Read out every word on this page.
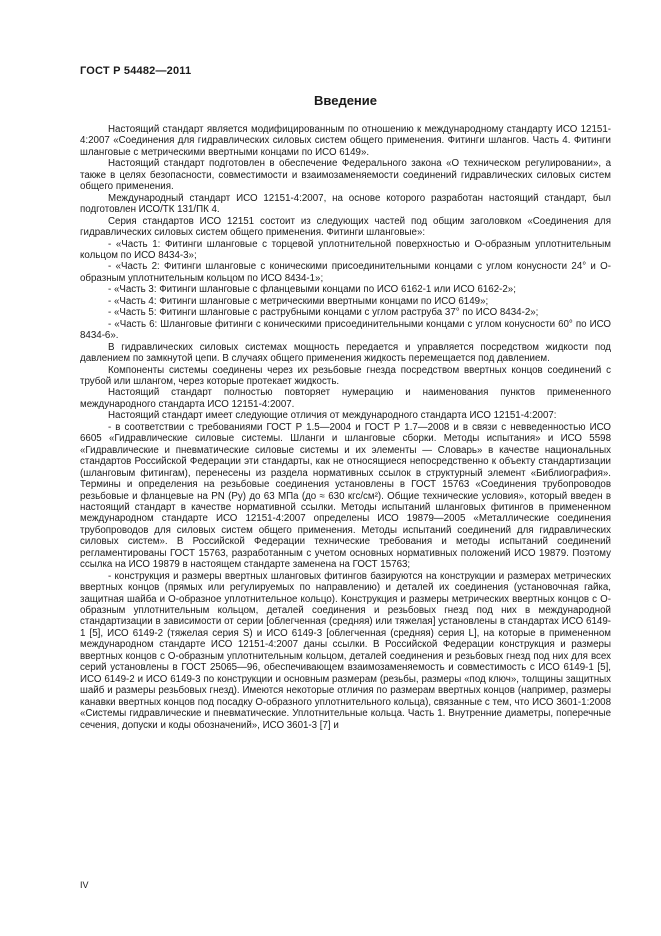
ГОСТ Р 54482—2011
Введение

Настоящий стандарт является модифицированным по отношению к международному стандарту ИСО 12151-4:2007 «Соединения для гидравлических силовых систем общего применения. Фитинги шлангов. Часть 4. Фитинги шланговые с метрическими ввертными концами по ИСО 6149».

Настоящий стандарт подготовлен в обеспечение Федерального закона «О техническом регулировании», а также в целях безопасности, совместимости и взаимозаменяемости соединений гидравлических силовых систем общего применения.

Международный стандарт ИСО 12151-4:2007, на основе которого разработан настоящий стандарт, был подготовлен ИСО/ТК 131/ПК 4.

Серия стандартов ИСО 12151 состоит из следующих частей под общим заголовком «Соединения для гидравлических силовых систем общего применения. Фитинги шланговые»:

- «Часть 1: Фитинги шланговые с торцевой уплотнительной поверхностью и О-образным уплотнительным кольцом по ИСО 8434-3»;

- «Часть 2: Фитинги шланговые с коническими присоединительными концами с углом конусности 24° и О-образным уплотнительным кольцом по ИСО 8434-1»;

- «Часть 3: Фитинги шланговые с фланцевыми концами по ИСО 6162-1 или ИСО 6162-2»;

- «Часть 4: Фитинги шланговые с метрическими ввертными концами по ИСО 6149»;

- «Часть 5: Фитинги шланговые с раструбными концами с углом раструба 37° по ИСО 8434-2»;

- «Часть 6: Шланговые фитинги с коническими присоединительными концами с углом конусности 60° по ИСО 8434-6».

В гидравлических силовых системах мощность передается и управляется посредством жидкости под давлением по замкнутой цепи. В случаях общего применения жидкость перемещается под давлением.

Компоненты системы соединены через их резьбовые гнезда посредством ввертных концов соединений с трубой или шлангом, через которые протекает жидкость.

Настоящий стандарт полностью повторяет нумерацию и наименования пунктов примененного международного стандарта ИСО 12151-4:2007.

Настоящий стандарт имеет следующие отличия от международного стандарта ИСО 12151-4:2007:

- в соответствии с требованиями ГОСТ Р 1.5—2004 и ГОСТ Р 1.7—2008 и в связи с невведенностью ИСО 6605 «Гидравлические силовые системы. Шланги и шланговые сборки. Методы испытания» и ИСО 5598 «Гидравлические и пневматические силовые системы и их элементы — Словарь» в качестве национальных стандартов Российской Федерации эти стандарты, как не относящиеся непосредственно к объекту стандартизации (шланговым фитингам), перенесены из раздела нормативных ссылок в структурный элемент «Библиография». Термины и определения на резьбовые соединения установлены в ГОСТ 15763 «Соединения трубопроводов резьбовые и фланцевые на PN (Ру) до 63 МПа (до ≈ 630 кгс/см²). Общие технические условия», который введен в настоящий стандарт в качестве нормативной ссылки. Методы испытаний шланговых фитингов в примененном международном стандарте ИСО 12151-4:2007 определены ИСО 19879—2005 «Металлические соединения трубопроводов для силовых систем общего применения. Методы испытаний соединений для гидравлических силовых систем». В Российской Федерации технические требования и методы испытаний соединений регламентированы ГОСТ 15763, разработанным с учетом основных нормативных положений ИСО 19879. Поэтому ссылка на ИСО 19879 в настоящем стандарте заменена на ГОСТ 15763;

- конструкция и размеры ввертных шланговых фитингов базируются на конструкции и размерах метрических ввертных концов (прямых или регулируемых по направлению) и деталей их соединения (установочная гайка, защитная шайба и О-образное уплотнительное кольцо). Конструкция и размеры метрических ввертных концов с О-образным уплотнительным кольцом, деталей соединения и резьбовых гнезд под них в международной стандартизации в зависимости от серии [облегченная (средняя) или тяжелая] установлены в стандартах ИСО 6149-1 [5], ИСО 6149-2 (тяжелая серия S) и ИСО 6149-3 [облегченная (средняя) серия L], на которые в примененном международном стандарте ИСО 12151-4:2007 даны ссылки. В Российской Федерации конструкция и размеры ввертных концов с О-образным уплотнительным кольцом, деталей соединения и резьбовых гнезд под них для всех серий установлены в ГОСТ 25065—96, обеспечивающем взаимозаменяемость и совместимость с ИСО 6149-1 [5], ИСО 6149-2 и ИСО 6149-3 по конструкции и основным размерам (резьбы, размеры «под ключ», толщины защитных шайб и размеры резьбовых гнезд). Имеются некоторые отличия по размерам ввертных концов (например, размеры канавки ввертных концов под посадку О-образного уплотнительного кольца), связанные с тем, что ИСО 3601-1:2008 «Системы гидравлические и пневматические. Уплотнительные кольца. Часть 1. Внутренние диаметры, поперечные сечения, допуски и коды обозначений», ИСО 3601-3 [7] и

IV
